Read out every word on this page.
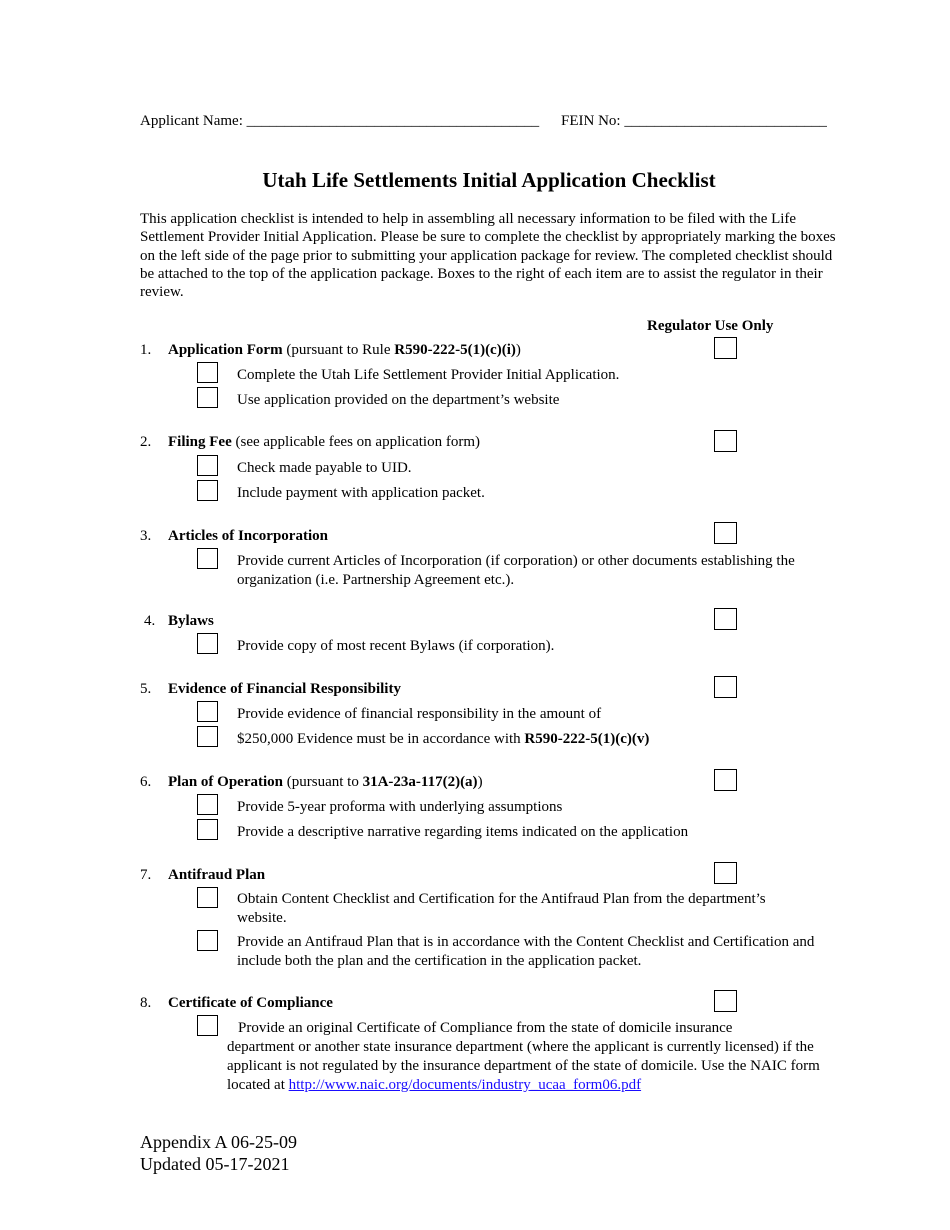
Applicant Name: _______________________________________ FEIN No: ___________________________
Utah Life Settlements Initial Application Checklist
This application checklist is intended to help in assembling all necessary information to be filed with the Life Settlement Provider Initial Application. Please be sure to complete the checklist by appropriately marking the boxes on the left side of the page prior to submitting your application package for review. The completed checklist should be attached to the top of the application package. Boxes to the right of each item are to assist the regulator in their review.
Regulator Use Only
1. Application Form (pursuant to Rule R590-222-5(1)(c)(i))
Complete the Utah Life Settlement Provider Initial Application.
Use application provided on the department’s website
2. Filing Fee (see applicable fees on application form)
Check made payable to UID.
Include payment with application packet.
3. Articles of Incorporation
Provide current Articles of Incorporation (if corporation) or other documents establishing the organization (i.e. Partnership Agreement etc.).
4. Bylaws
Provide copy of most recent Bylaws (if corporation).
5. Evidence of Financial Responsibility
Provide evidence of financial responsibility in the amount of
$250,000 Evidence must be in accordance with R590-222-5(1)(c)(v)
6. Plan of Operation (pursuant to 31A-23a-117(2)(a))
Provide 5-year proforma with underlying assumptions
Provide a descriptive narrative regarding items indicated on the application
7. Antifraud Plan
Obtain Content Checklist and Certification for the Antifraud Plan from the department’s website.
Provide an Antifraud Plan that is in accordance with the Content Checklist and Certification and include both the plan and the certification in the application packet.
8. Certificate of Compliance
Provide an original Certificate of Compliance from the state of domicile insurance
department or another state insurance department (where the applicant is currently licensed) if the applicant is not regulated by the insurance department of the state of domicile. Use the NAIC form located at http://www.naic.org/documents/industry_ucaa_form06.pdf
Appendix A 06-25-09
Updated 05-17-2021
